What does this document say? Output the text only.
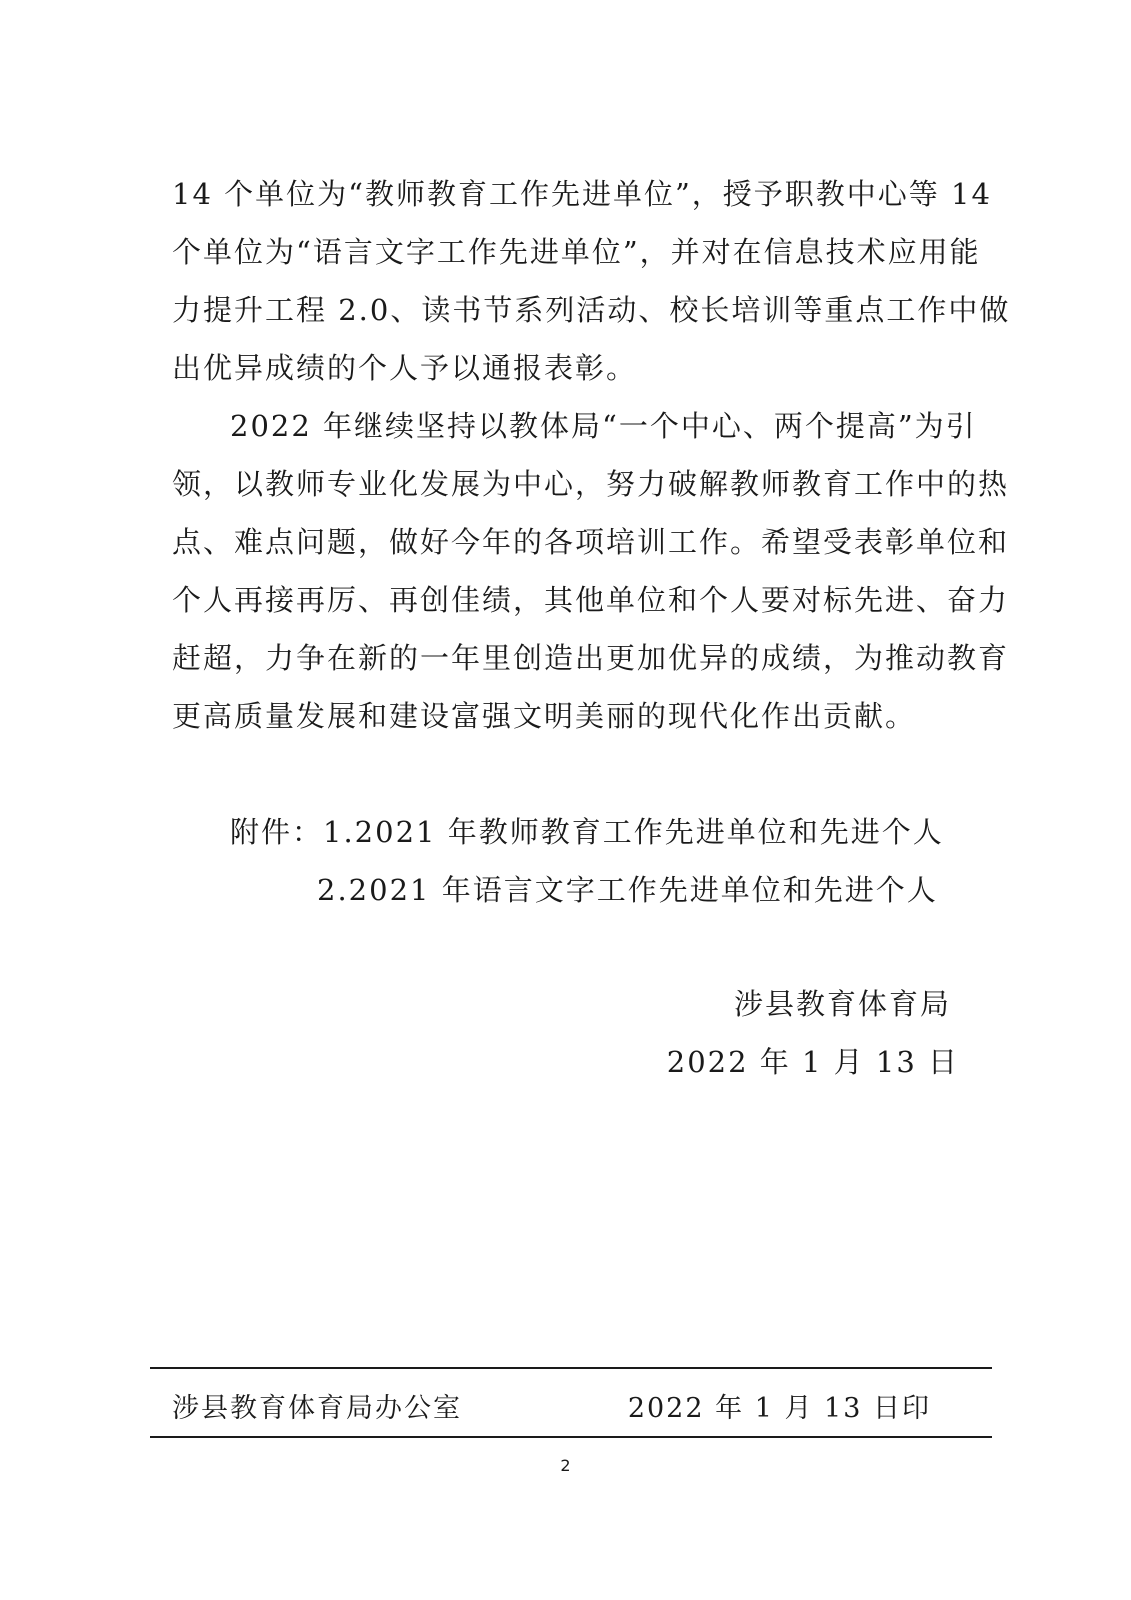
14 个单位为“教师教育工作先进单位”，授予职教中心等 14
个单位为“语言文字工作先进单位”，并对在信息技术应用能
力提升工程 2.0、读书节系列活动、校长培训等重点工作中做
出优异成绩的个人予以通报表彰。
2022 年继续坚持以教体局“一个中心、两个提高”为引
领，以教师专业化发展为中心，努力破解教师教育工作中的热
点、难点问题，做好今年的各项培训工作。希望受表彰单位和
个人再接再厉、再创佳绩，其他单位和个人要对标先进、奋力
赶超，力争在新的一年里创造出更加优异的成绩，为推动教育
更高质量发展和建设富强文明美丽的现代化作出贡献。
附件：1.2021 年教师教育工作先进单位和先进个人
2.2021 年语言文字工作先进单位和先进个人
涉县教育体育局
2022 年 1 月 13 日
涉县教育体育局办公室	2022 年 1 月 13 日印
2
